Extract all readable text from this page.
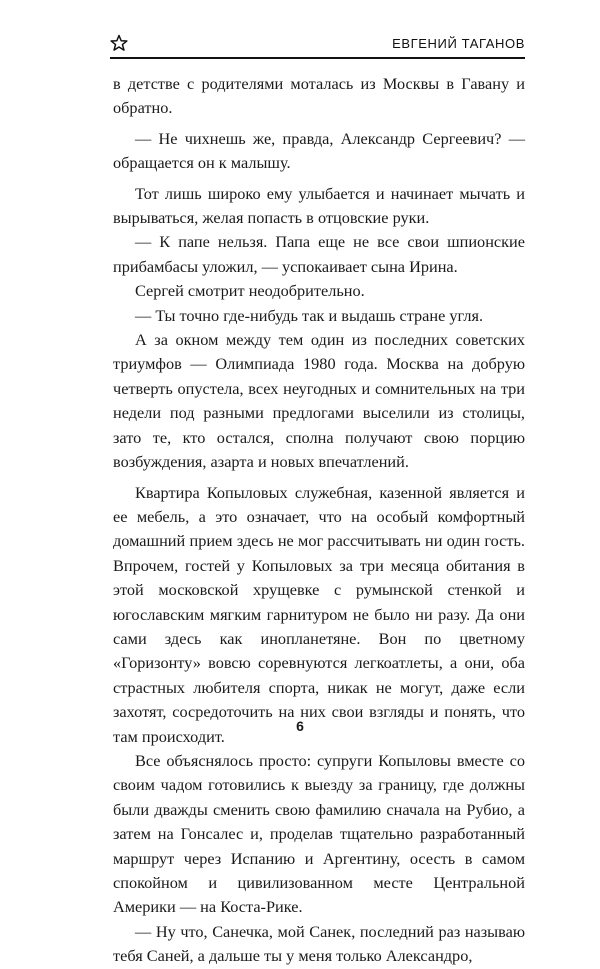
ЕВГЕНИЙ ТАГАНОВ

в детстве с родителями моталась из Москвы в Гавану и обратно.

— Не чихнешь же, правда, Александр Сергеевич? — обращается он к малышу.

Тот лишь широко ему улыбается и начинает мычать и вырываться, желая попасть в отцовские руки.

— К папе нельзя. Папа еще не все свои шпионские прибамбасы уложил, — успокаивает сына Ирина.

Сергей смотрит неодобрительно.

— Ты точно где-нибудь так и выдашь стране угля.

А за окном между тем один из последних советских триумфов — Олимпиада 1980 года. Москва на добрую четверть опустела, всех неугодных и сомнительных на три недели под разными предлогами выселили из столицы, зато те, кто остался, сполна получают свою порцию возбуждения, азарта и новых впечатлений.

Квартира Копыловых служебная, казенной является и ее мебель, а это означает, что на особый комфортный домашний прием здесь не мог рассчитывать ни один гость. Впрочем, гостей у Копыловых за три месяца обитания в этой московской хрущевке с румынской стенкой и югославским мягким гарнитуром не было ни разу. Да они сами здесь как инопланетяне. Вон по цветному «Горизонту» вовсю соревнуются легкоатлеты, а они, оба страстных любителя спорта, никак не могут, даже если захотят, сосредоточить на них свои взгляды и понять, что там происходит.

Все объяснялось просто: супруги Копыловы вместе со своим чадом готовились к выезду за границу, где должны были дважды сменить свою фамилию сначала на Рубио, а затем на Гонсалес и, проделав тщательно разработанный маршрут через Испанию и Аргентину, осесть в самом спокойном и цивилизованном месте Центральной Америки — на Коста-Рике.

— Ну что, Санечка, мой Санек, последний раз называю тебя Саней, а дальше ты у меня только Александро,

6
